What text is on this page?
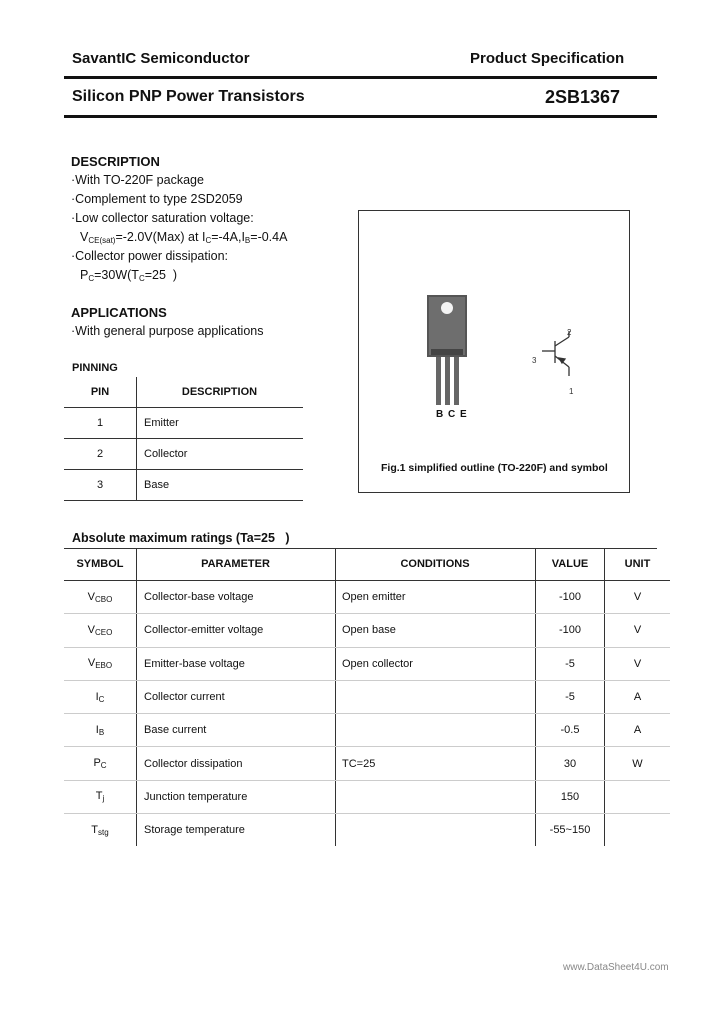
SavantIC Semiconductor	Product Specification
Silicon PNP Power Transistors	2SB1367
DESCRIPTION
·With TO-220F package
·Complement to type 2SD2059
·Low collector saturation voltage:
$V_{CE(sat)}=-2.0V(Max)$ at $I_C=-4A,I_B=-0.4A$
·Collector power dissipation:
$P_C=30W(T_C=25$ )
APPLICATIONS
·With general purpose applications
PINNING
PIN	DESCRIPTION
1	Emitter
2	Collector
3	Base
2
3
1
B C E
Fig.1 simplified outline (TO-220F) and symbol
Absolute maximum ratings (Ta=25 )
SYMBOL	PARAMETER	CONDITIONS	VALUE	UNIT
$V_{CBO}$	Collector-base voltage	Open emitter	-100	V
$V_{CEO}$	Collector-emitter voltage	Open base	-100	V
$V_{EBO}$	Emitter-base voltage	Open collector	-5	V
$I_C$	Collector current		-5	A
$I_B$	Base current		-0.5	A
$P_C$	Collector dissipation	TC=25	30	W
$T_j$	Junction temperature		150	
$T_{stg}$	Storage temperature		-55~150	
www.DataSheet4U.com
